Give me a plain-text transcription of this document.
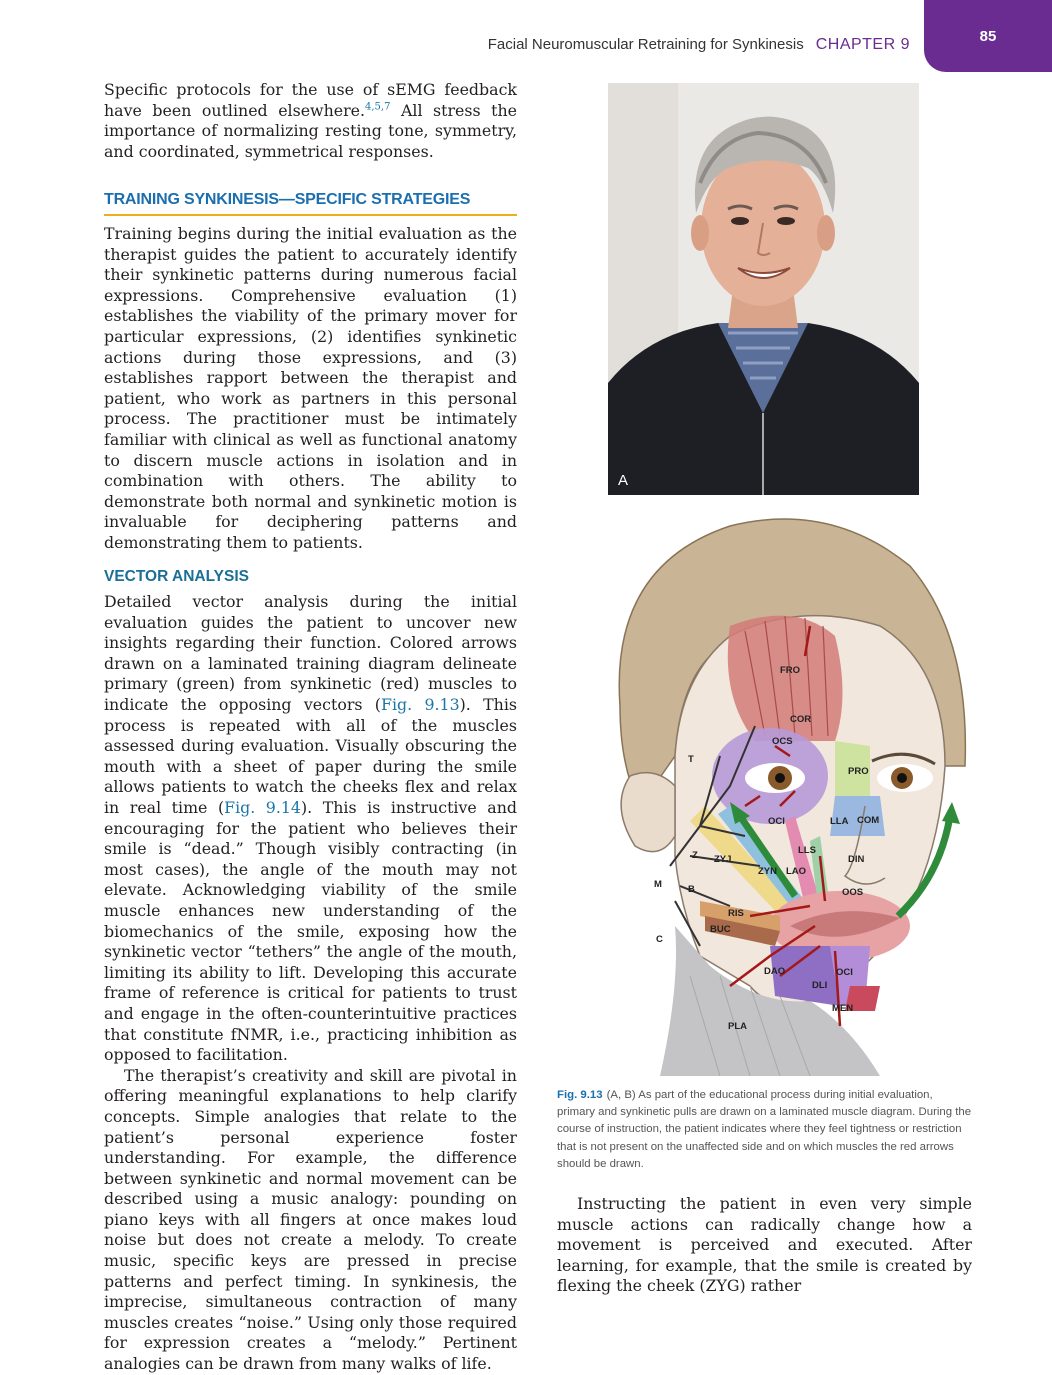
Facial Neuromuscular Retraining for Synkinesis CHAPTER 9	85

Specific protocols for the use of sEMG feedback have been outlined elsewhere.$^{4,5,7}$ All stress the importance of normalizing resting tone, symmetry, and coordinated, symmetrical responses.

TRAINING SYNKINESIS—SPECIFIC STRATEGIES

Training begins during the initial evaluation as the therapist guides the patient to accurately identify their synkinetic patterns during numerous facial expressions. Comprehensive evaluation (1) establishes the viability of the primary mover for particular expressions, (2) identifies synkinetic actions during those expressions, and (3) establishes rapport between the therapist and patient, who work as partners in this personal process. The practitioner must be intimately familiar with clinical as well as functional anatomy to discern muscle actions in isolation and in combination with others. The ability to demonstrate both normal and synkinetic motion is invaluable for deciphering patterns and demonstrating them to patients.

VECTOR ANALYSIS

Detailed vector analysis during the initial evaluation guides the patient to uncover new insights regarding their function. Colored arrows drawn on a laminated training diagram delineate primary (green) from synkinetic (red) muscles to indicate the opposing vectors (Fig. 9.13). This process is repeated with all of the muscles assessed during evaluation. Visually obscuring the mouth with a sheet of paper during the smile allows patients to watch the cheeks flex and relax in real time (Fig. 9.14). This is instructive and encouraging for the patient who believes their smile is “dead.” Though visibly contracting (in most cases), the angle of the mouth may not elevate. Acknowledging viability of the smile muscle enhances new understanding of the biomechanics of the smile, exposing how the synkinetic vector “tethers” the angle of the mouth, limiting its ability to lift. Developing this accurate frame of reference is critical for patients to trust and engage in the often-counterintuitive practices that constitute fNMR, i.e., practicing inhibition as opposed to facilitation.

The therapist’s creativity and skill are pivotal in offering meaningful explanations to help clarify concepts. Simple analogies that relate to the patient’s personal experience foster understanding. For example, the difference between synkinetic and normal movement can be described using a music analogy: pounding on piano keys with all fingers at once makes loud noise but does not create a melody. To create music, specific keys are pressed in precise patterns and perfect timing. In synkinesis, the imprecise, simultaneous contraction of many muscles creates “noise.” Using only those required for expression creates a “melody.” Pertinent analogies can be drawn from many walks of life.

A
FRO
COR
OCS
T
PRO
OCI	LLA COM
LLS
Z ZYJ	DIN
ZYN LAO
M	B	OOS
RIS
BUC
C
DAO	OCI
DLI
MEN
PLA
Fig. 9.13 (A, B) As part of the educational process during initial evaluation, primary and synkinetic pulls are drawn on a laminated muscle diagram. During the course of instruction, the patient indicates where they feel tightness or restriction that is not present on the unaffected side and on which muscles the red arrows should be drawn.

Instructing the patient in even very simple muscle actions can radically change how a movement is perceived and executed. After learning, for example, that the smile is created by flexing the cheek (ZYG) rather
